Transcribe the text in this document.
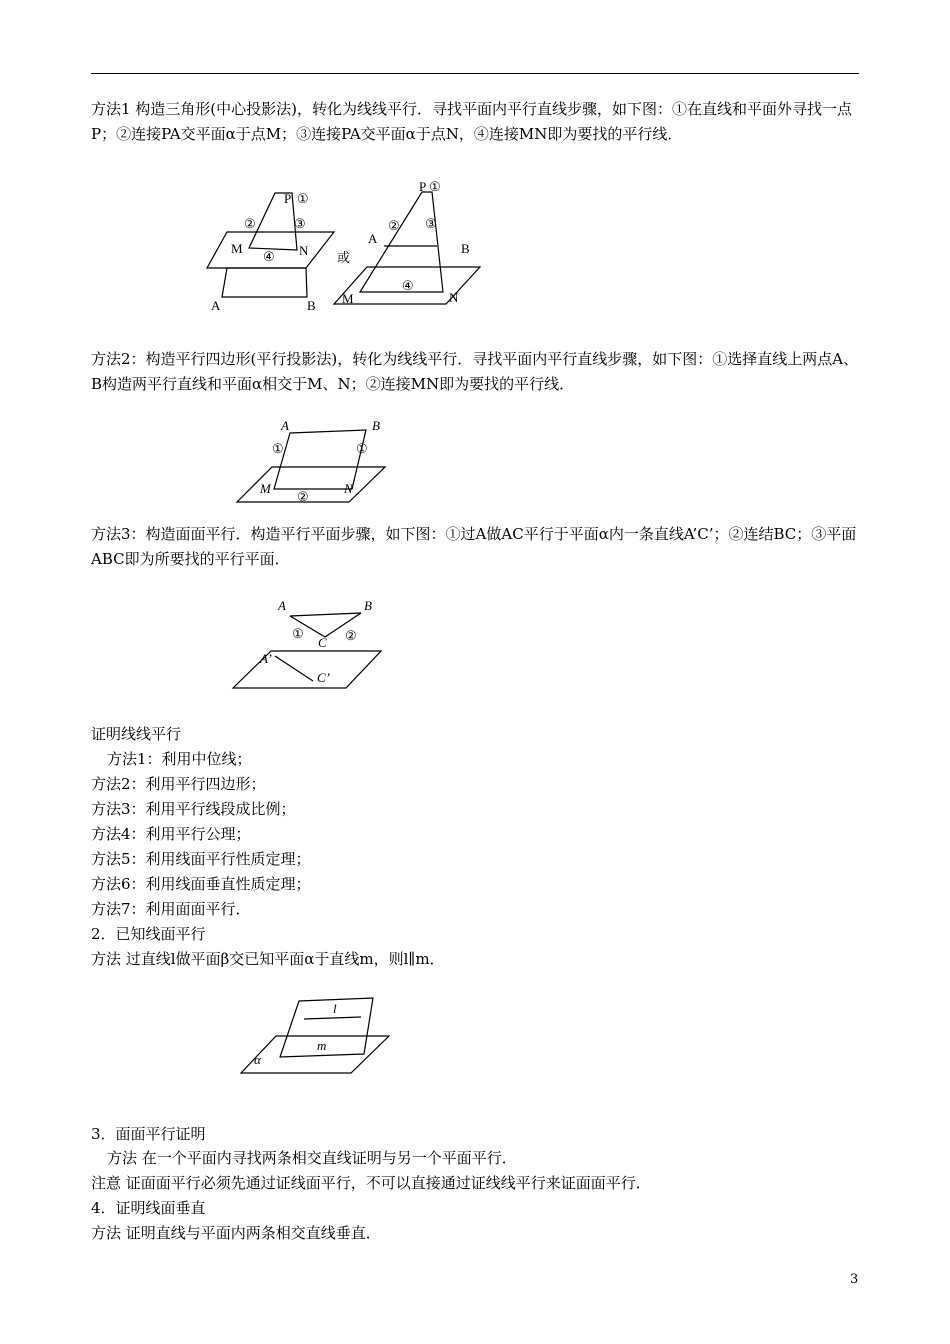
方法1 构造三角形(中心投影法)，转化为线线平行．寻找平面内平行直线步骤，如下图：①在直线和平面外寻找一点P；②连接PA交平面α于点M；③连接PA交平面α于点N，④连接MN即为要找的平行线．
P ①
②	③
M	N
④
A	B
或
P ①
② ③
A
B
④
M	N
方法2：构造平行四边形(平行投影法)，转化为线线平行．寻找平面内平行直线步骤，如下图：①选择直线上两点A、B构造两平行直线和平面α相交于M、N；②连接MN即为要找的平行线．
A	B
①	①
M	N
②
方法3：构造面面平行．构造平行平面步骤，如下图：①过A做AC平行于平面α内一条直线A’C’；②连结BC；③平面ABC即为所要找的平行平面．
A	B
①
C ②
A’
C’
证明线线平行
方法1：利用中位线；
方法2：利用平行四边形；
方法3：利用平行线段成比例；
方法4：利用平行公理；
方法5：利用线面平行性质定理；
方法6：利用线面垂直性质定理；
方法7：利用面面平行．
2．已知线面平行
方法 过直线l做平面β交已知平面α于直线m，则l∥m．
l
m
α
3．面面平行证明
方法 在一个平面内寻找两条相交直线证明与另一个平面平行．
注意 证面面平行必须先通过证线面平行，不可以直接通过证线线平行来证面面平行．
4．证明线面垂直
方法 证明直线与平面内两条相交直线垂直．
3
